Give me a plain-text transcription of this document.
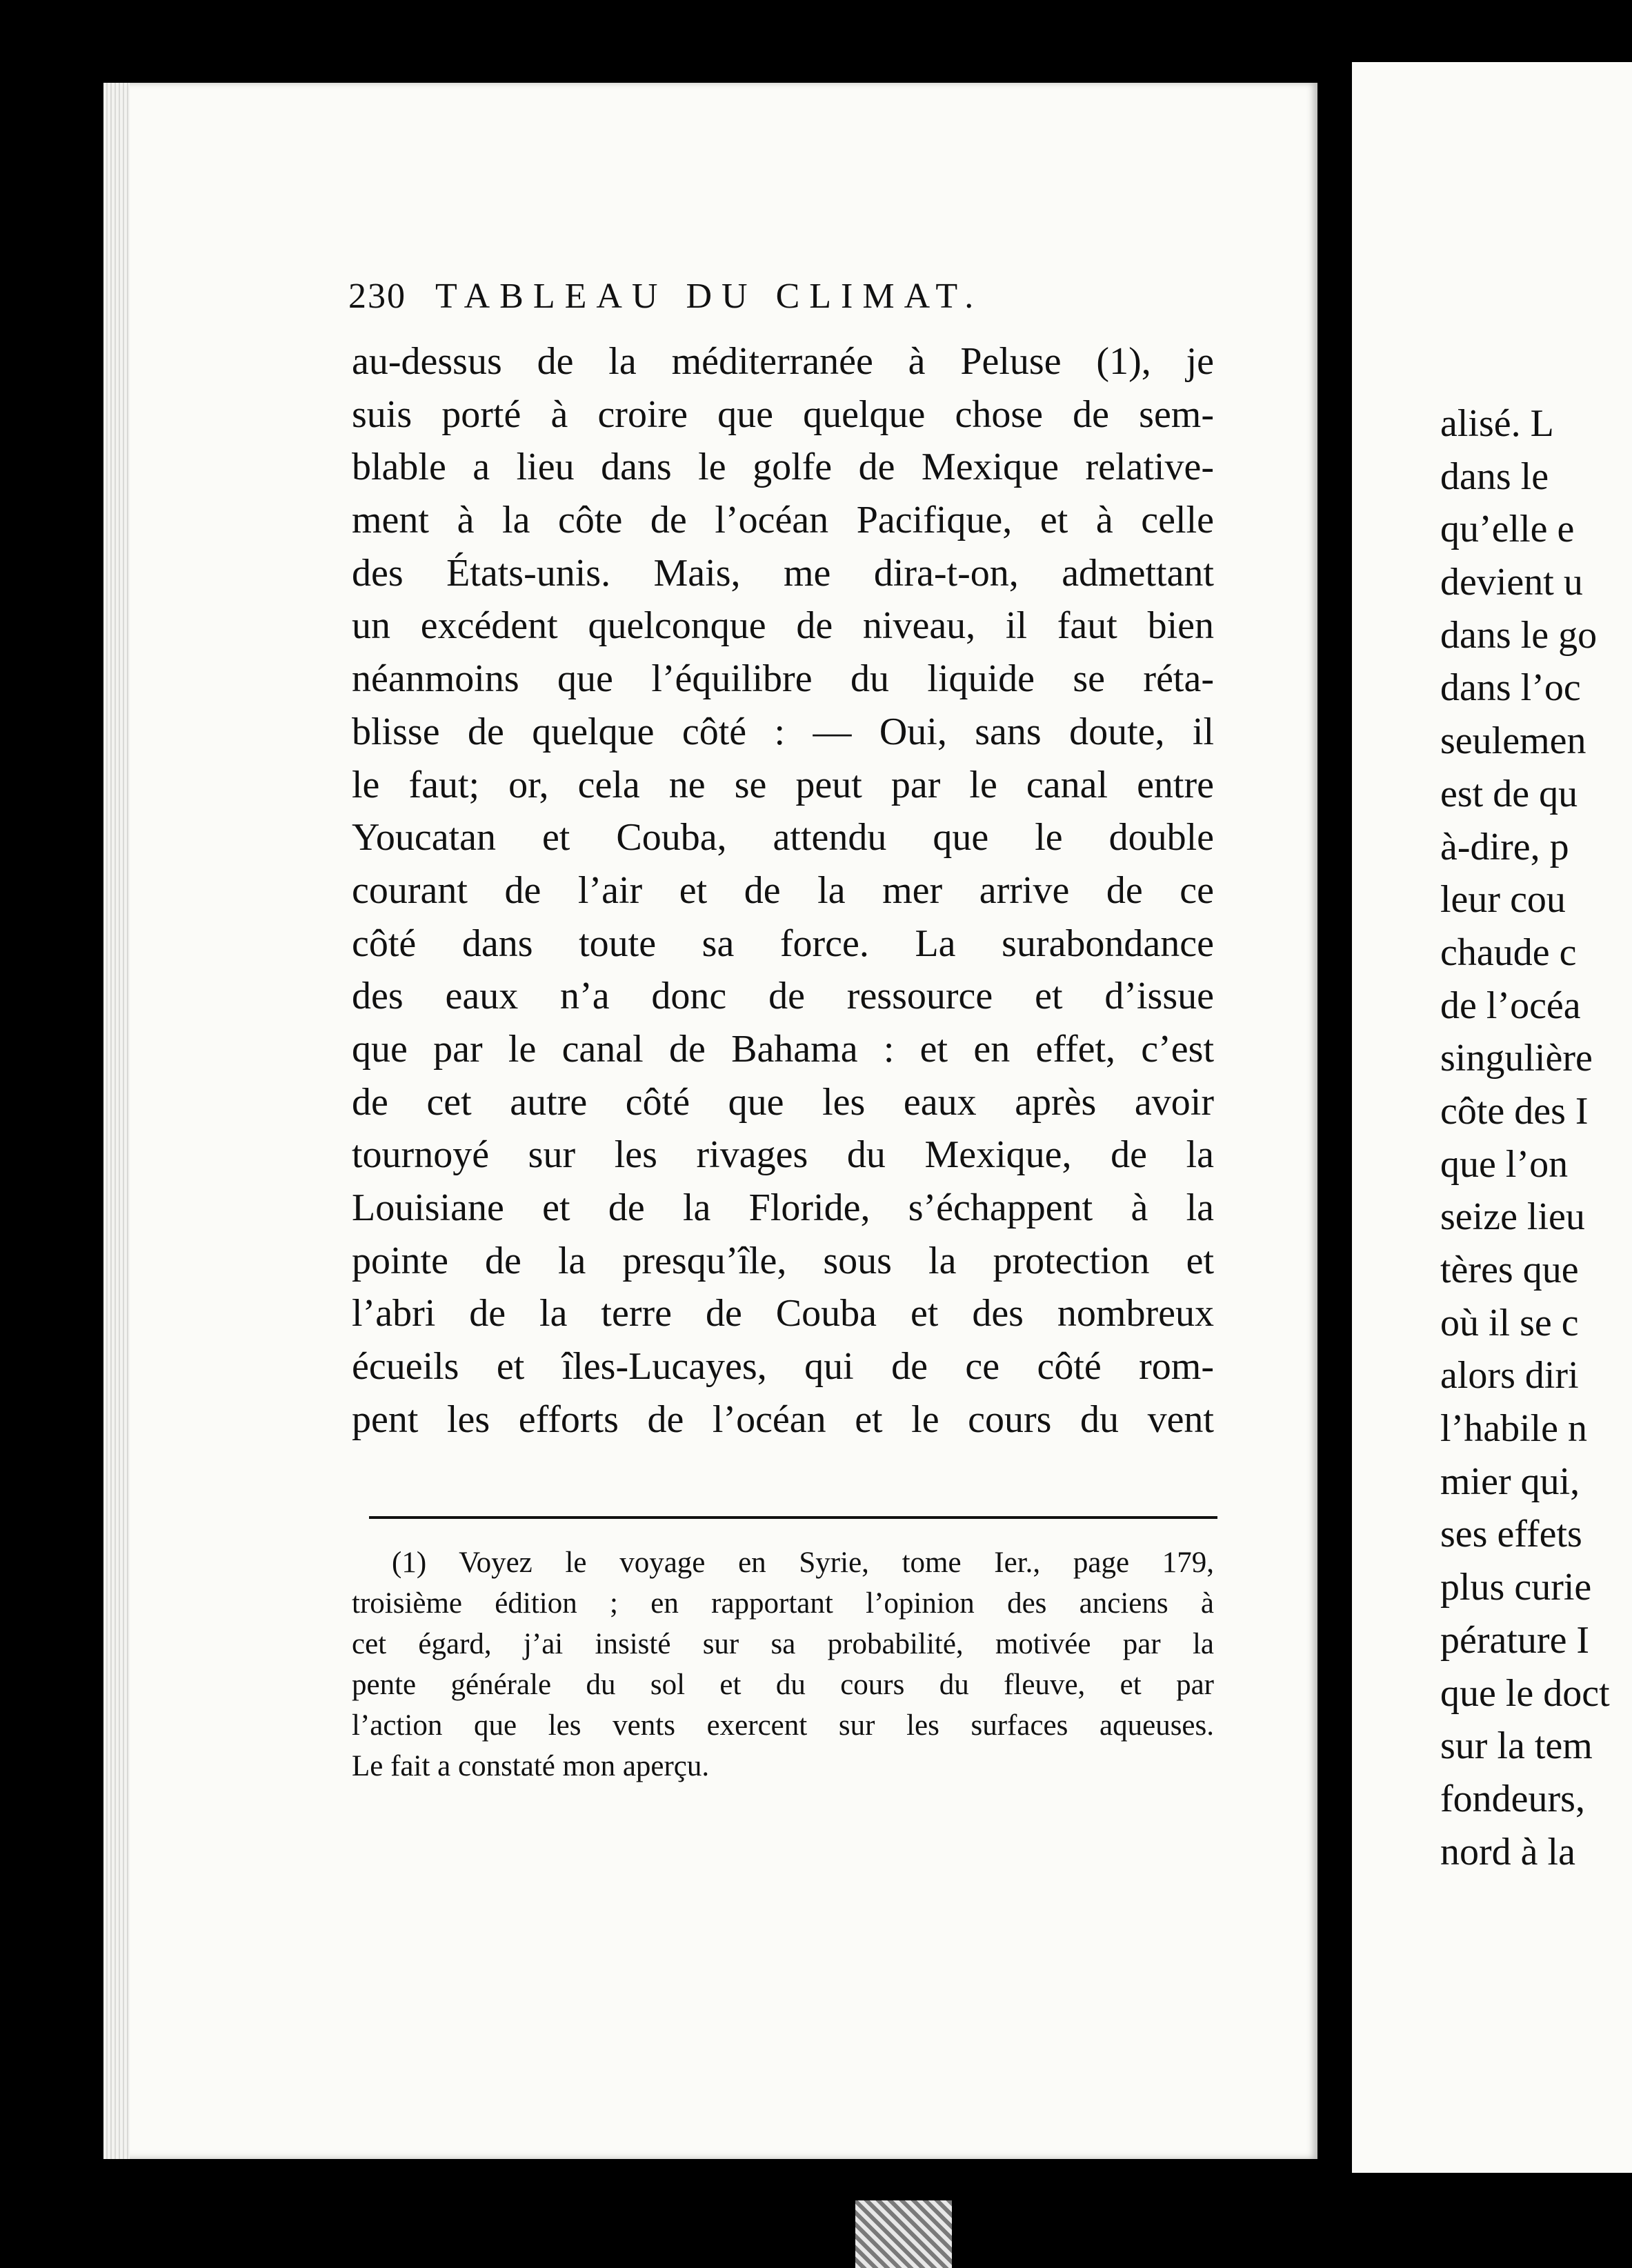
230 TABLEAU DU CLIMAT.
au-dessus de la méditerranée à Peluse (1), je
suis porté à croire que quelque chose de sem-
blable a lieu dans le golfe de Mexique relative-
ment à la côte de l’océan Pacifique, et à celle
des États-unis. Mais, me dira-t-on, admettant
un excédent quelconque de niveau, il faut bien
néanmoins que l’équilibre du liquide se réta-
blisse de quelque côté : — Oui, sans doute, il
le faut; or, cela ne se peut par le canal entre
Youcatan et Couba, attendu que le double
courant de l’air et de la mer arrive de ce
côté dans toute sa force. La surabondance
des eaux n’a donc de ressource et d’issue
que par le canal de Bahama : et en effet, c’est
de cet autre côté que les eaux après avoir
tournoyé sur les rivages du Mexique, de la
Louisiane et de la Floride, s’échappent à la
pointe de la presqu’île, sous la protection et
l’abri de la terre de Couba et des nombreux
écueils et îles-Lucayes, qui de ce côté rom-
pent les efforts de l’océan et le cours du vent
(1) Voyez le voyage en Syrie, tome Ier., page 179,
troisième édition ; en rapportant l’opinion des anciens à
cet égard, j’ai insisté sur sa probabilité, motivée par la
pente générale du sol et du cours du fleuve, et par
l’action que les vents exercent sur les surfaces aqueuses.
Le fait a constaté mon aperçu.
alisé. L
dans le
qu’elle e
devient u
dans le go
dans l’oc
seulemen
est de qu
à-dire, p
leur cou
chaude c
de l’océa
singulière
côte des I
que l’on
seize lieu
tères que
où il se c
alors diri
l’habile n
mier qui,
ses effets
plus curie
pérature I
que le doct
sur la tem
fondeurs,
nord à la
